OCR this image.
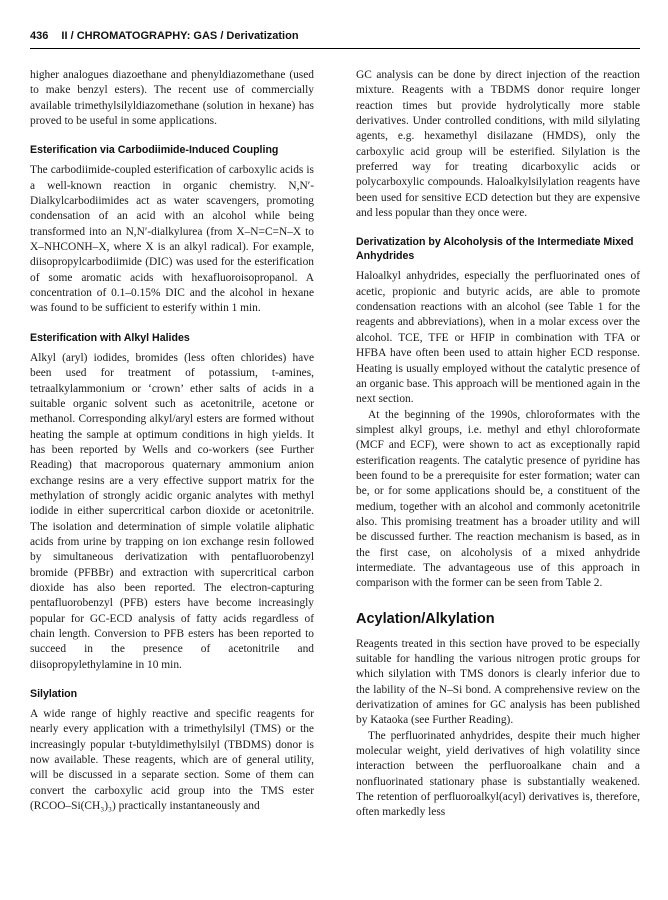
436 II / CHROMATOGRAPHY: GAS / Derivatization

higher analogues diazoethane and phenyldiazomethane (used to make benzyl esters). The recent use of commercially available trimethylsilyldiazomethane (solution in hexane) has proved to be useful in some applications.

Esterification via Carbodiimide-Induced Coupling

The carbodiimide-coupled esterification of carboxylic acids is a well-known reaction in organic chemistry. N,N′-Dialkylcarbodiimides act as water scavengers, promoting condensation of an acid with an alcohol while being transformed into an N,N′-dialkylurea (from X–N=C=N–X to X–NHCONH–X, where X is an alkyl radical). For example, diisopropylcarbodiimide (DIC) was used for the esterification of some aromatic acids with hexafluoroisopropanol. A concentration of 0.1–0.15% DIC and the alcohol in hexane was found to be sufficient to esterify within 1 min.

Esterification with Alkyl Halides

Alkyl (aryl) iodides, bromides (less often chlorides) have been used for treatment of potassium, t-amines, tetraalkylammonium or ‘crown’ ether salts of acids in a suitable organic solvent such as acetonitrile, acetone or methanol. Corresponding alkyl/aryl esters are formed without heating the sample at optimum conditions in high yields. It has been reported by Wells and co-workers (see Further Reading) that macroporous quaternary ammonium anion exchange resins are a very effective support matrix for the methylation of strongly acidic organic analytes with methyl iodide in either supercritical carbon dioxide or acetonitrile. The isolation and determination of simple volatile aliphatic acids from urine by trapping on ion exchange resin followed by simultaneous derivatization with pentafluorobenzyl bromide (PFBBr) and extraction with supercritical carbon dioxide has also been reported. The electron-capturing pentafluorobenzyl (PFB) esters have become increasingly popular for GC-ECD analysis of fatty acids regardless of chain length. Conversion to PFB esters has been reported to succeed in the presence of acetonitrile and diisopropylethylamine in 10 min.

Silylation

A wide range of highly reactive and specific reagents for nearly every application with a trimethylsilyl (TMS) or the increasingly popular t-butyldimethylsilyl (TBDMS) donor is now available. These reagents, which are of general utility, will be discussed in a separate section. Some of them can convert the carboxylic acid group into the TMS ester (RCOO–Si(CH₃)₃) practically instantaneously and

GC analysis can be done by direct injection of the reaction mixture. Reagents with a TBDMS donor require longer reaction times but provide hydrolytically more stable derivatives. Under controlled conditions, with mild silylating agents, e.g. hexamethyl disilazane (HMDS), only the carboxylic acid group will be esterified. Silylation is the preferred way for treating dicarboxylic acids or polycarboxylic compounds. Haloalkylsilylation reagents have been used for sensitive ECD detection but they are expensive and less popular than they once were.

Derivatization by Alcoholysis of the Intermediate Mixed Anhydrides

Haloalkyl anhydrides, especially the perfluorinated ones of acetic, propionic and butyric acids, are able to promote condensation reactions with an alcohol (see Table 1 for the reagents and abbreviations), when in a molar excess over the alcohol. TCE, TFE or HFIP in combination with TFA or HFBA have often been used to attain higher ECD response. Heating is usually employed without the catalytic presence of an organic base. This approach will be mentioned again in the next section.

At the beginning of the 1990s, chloroformates with the simplest alkyl groups, i.e. methyl and ethyl chloroformate (MCF and ECF), were shown to act as exceptionally rapid esterification reagents. The catalytic presence of pyridine has been found to be a prerequisite for ester formation; water can be, or for some applications should be, a constituent of the medium, together with an alcohol and commonly acetonitrile also. This promising treatment has a broader utility and will be discussed further. The reaction mechanism is based, as in the first case, on alcoholysis of a mixed anhydride intermediate. The advantageous use of this approach in comparison with the former can be seen from Table 2.

Acylation/Alkylation

Reagents treated in this section have proved to be especially suitable for handling the various nitrogen protic groups for which silylation with TMS donors is clearly inferior due to the lability of the N–Si bond. A comprehensive review on the derivatization of amines for GC analysis has been published by Kataoka (see Further Reading).

The perfluorinated anhydrides, despite their much higher molecular weight, yield derivatives of high volatility since interaction between the perfluoroalkane chain and a nonfluorinated stationary phase is substantially weakened. The retention of perfluoroalkyl(acyl) derivatives is, therefore, often markedly less
